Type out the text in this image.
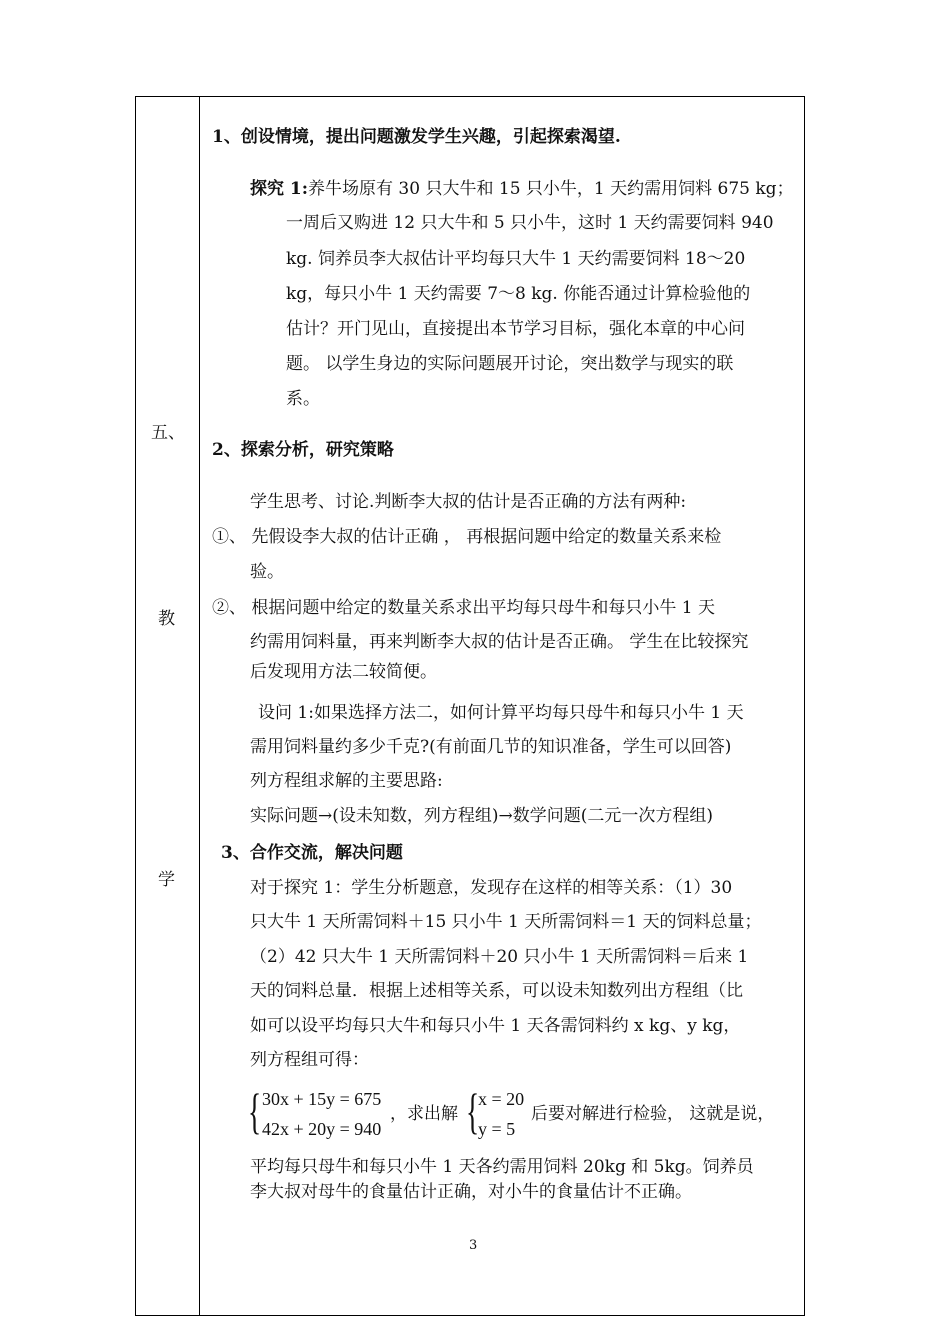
五、
教
学
1、创设情境，提出问题激发学生兴趣，引起探索渴望.
探究 1:养牛场原有 30 只大牛和 15 只小牛，1 天约需用饲料 675 kg；
一周后又购进 12 只大牛和 5 只小牛，这时 1 天约需要饲料 940
kg. 饲养员李大叔估计平均每只大牛 1 天约需要饲料 18～20
kg，每只小牛 1 天约需要 7～8 kg. 你能否通过计算检验他的
估计？开门见山，直接提出本节学习目标，强化本章的中心问
题。 以学生身边的实际问题展开讨论，突出数学与现实的联
系。
2、探索分析，研究策略
学生思考、讨论.判断李大叔的估计是否正确的方法有两种:
①、 先假设李大叔的估计正确 ， 再根据问题中给定的数量关系来检
验。
②、 根据问题中给定的数量关系求出平均每只母牛和每只小牛 1 天
约需用饲料量，再来判断李大叔的估计是否正确。 学生在比较探究
后发现用方法二较简便。
设问 1:如果选择方法二，如何计算平均每只母牛和每只小牛 1 天
需用饲料量约多少千克?(有前面几节的知识准备，学生可以回答)
列方程组求解的主要思路:
实际问题→(设未知数，列方程组)→数学问题(二元一次方程组)
3、合作交流，解决问题
对于探究 1：学生分析题意，发现存在这样的相等关系：（1）30
只大牛 1 天所需饲料＋15 只小牛 1 天所需饲料＝1 天的饲料总量；
（2）42 只大牛 1 天所需饲料＋20 只小牛 1 天所需饲料＝后来 1
天的饲料总量．根据上述相等关系，可以设未知数列出方程组（比
如可以设平均每只大牛和每只小牛 1 天各需饲料约 x kg、y kg，
列方程组可得：
{ 30x + 15y = 675
42x + 20y = 940
，求出解 {
x = 20
y = 5
后要对解进行检验， 这就是说，
平均每只母牛和每只小牛 1 天各约需用饲料 20kg 和 5kg。饲养员
李大叔对母牛的食量估计正确，对小牛的食量估计不正确。
3
